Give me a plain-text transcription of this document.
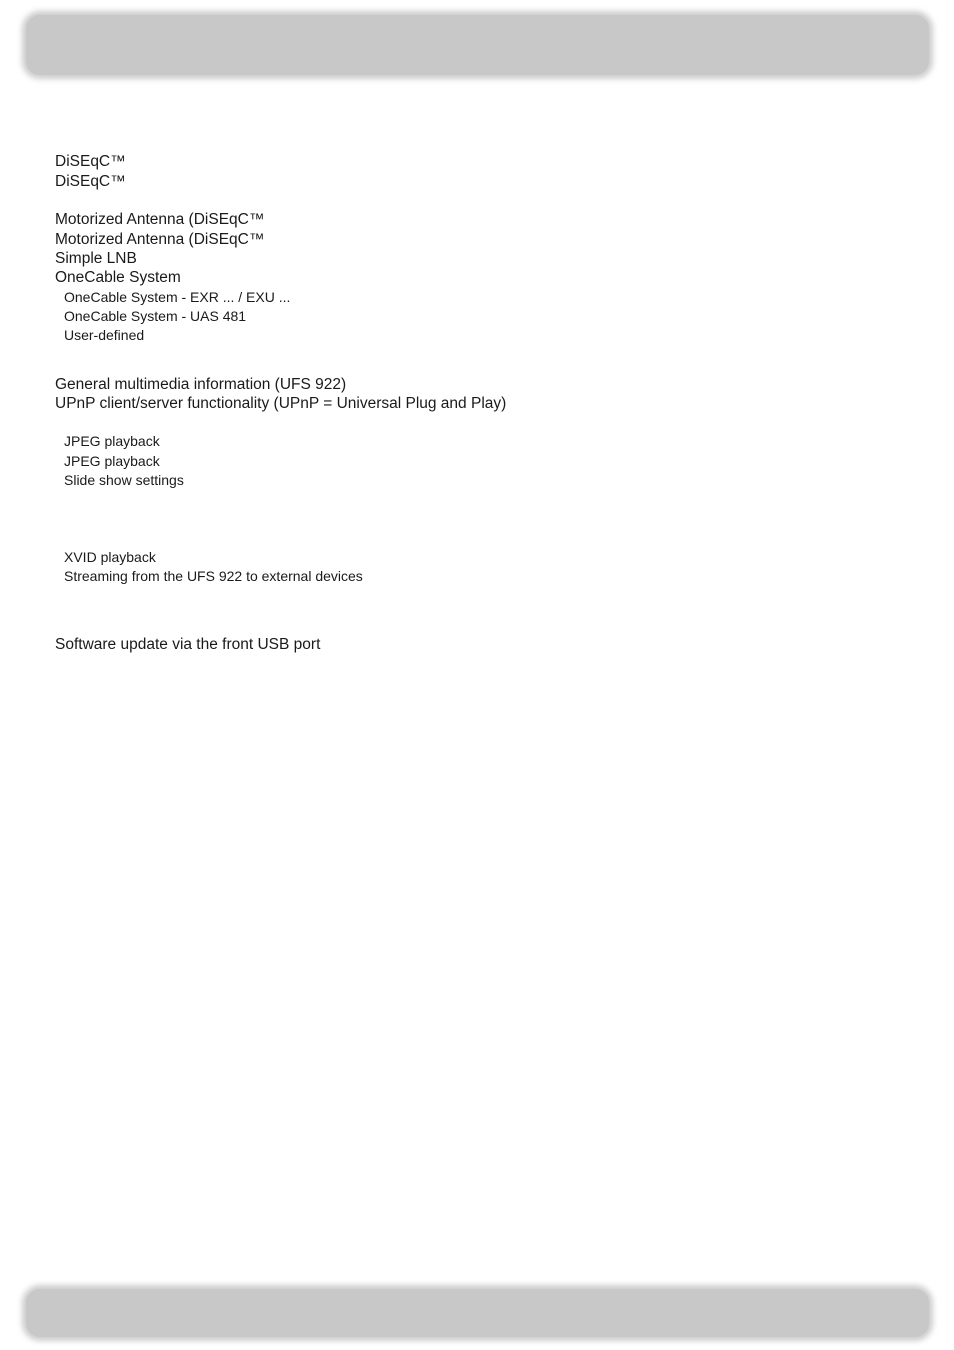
DiSEqC™
DiSEqC™
Motorized Antenna (DiSEqC™
Motorized Antenna (DiSEqC™
Simple LNB
OneCable System
OneCable System - EXR ... / EXU ...
OneCable System - UAS 481
User-defined
General multimedia information (UFS 922)
UPnP client/server functionality (UPnP = Universal Plug and Play)
JPEG playback
JPEG playback
Slide show settings
XVID playback
Streaming from the UFS 922 to external devices
Software update via the front USB port
